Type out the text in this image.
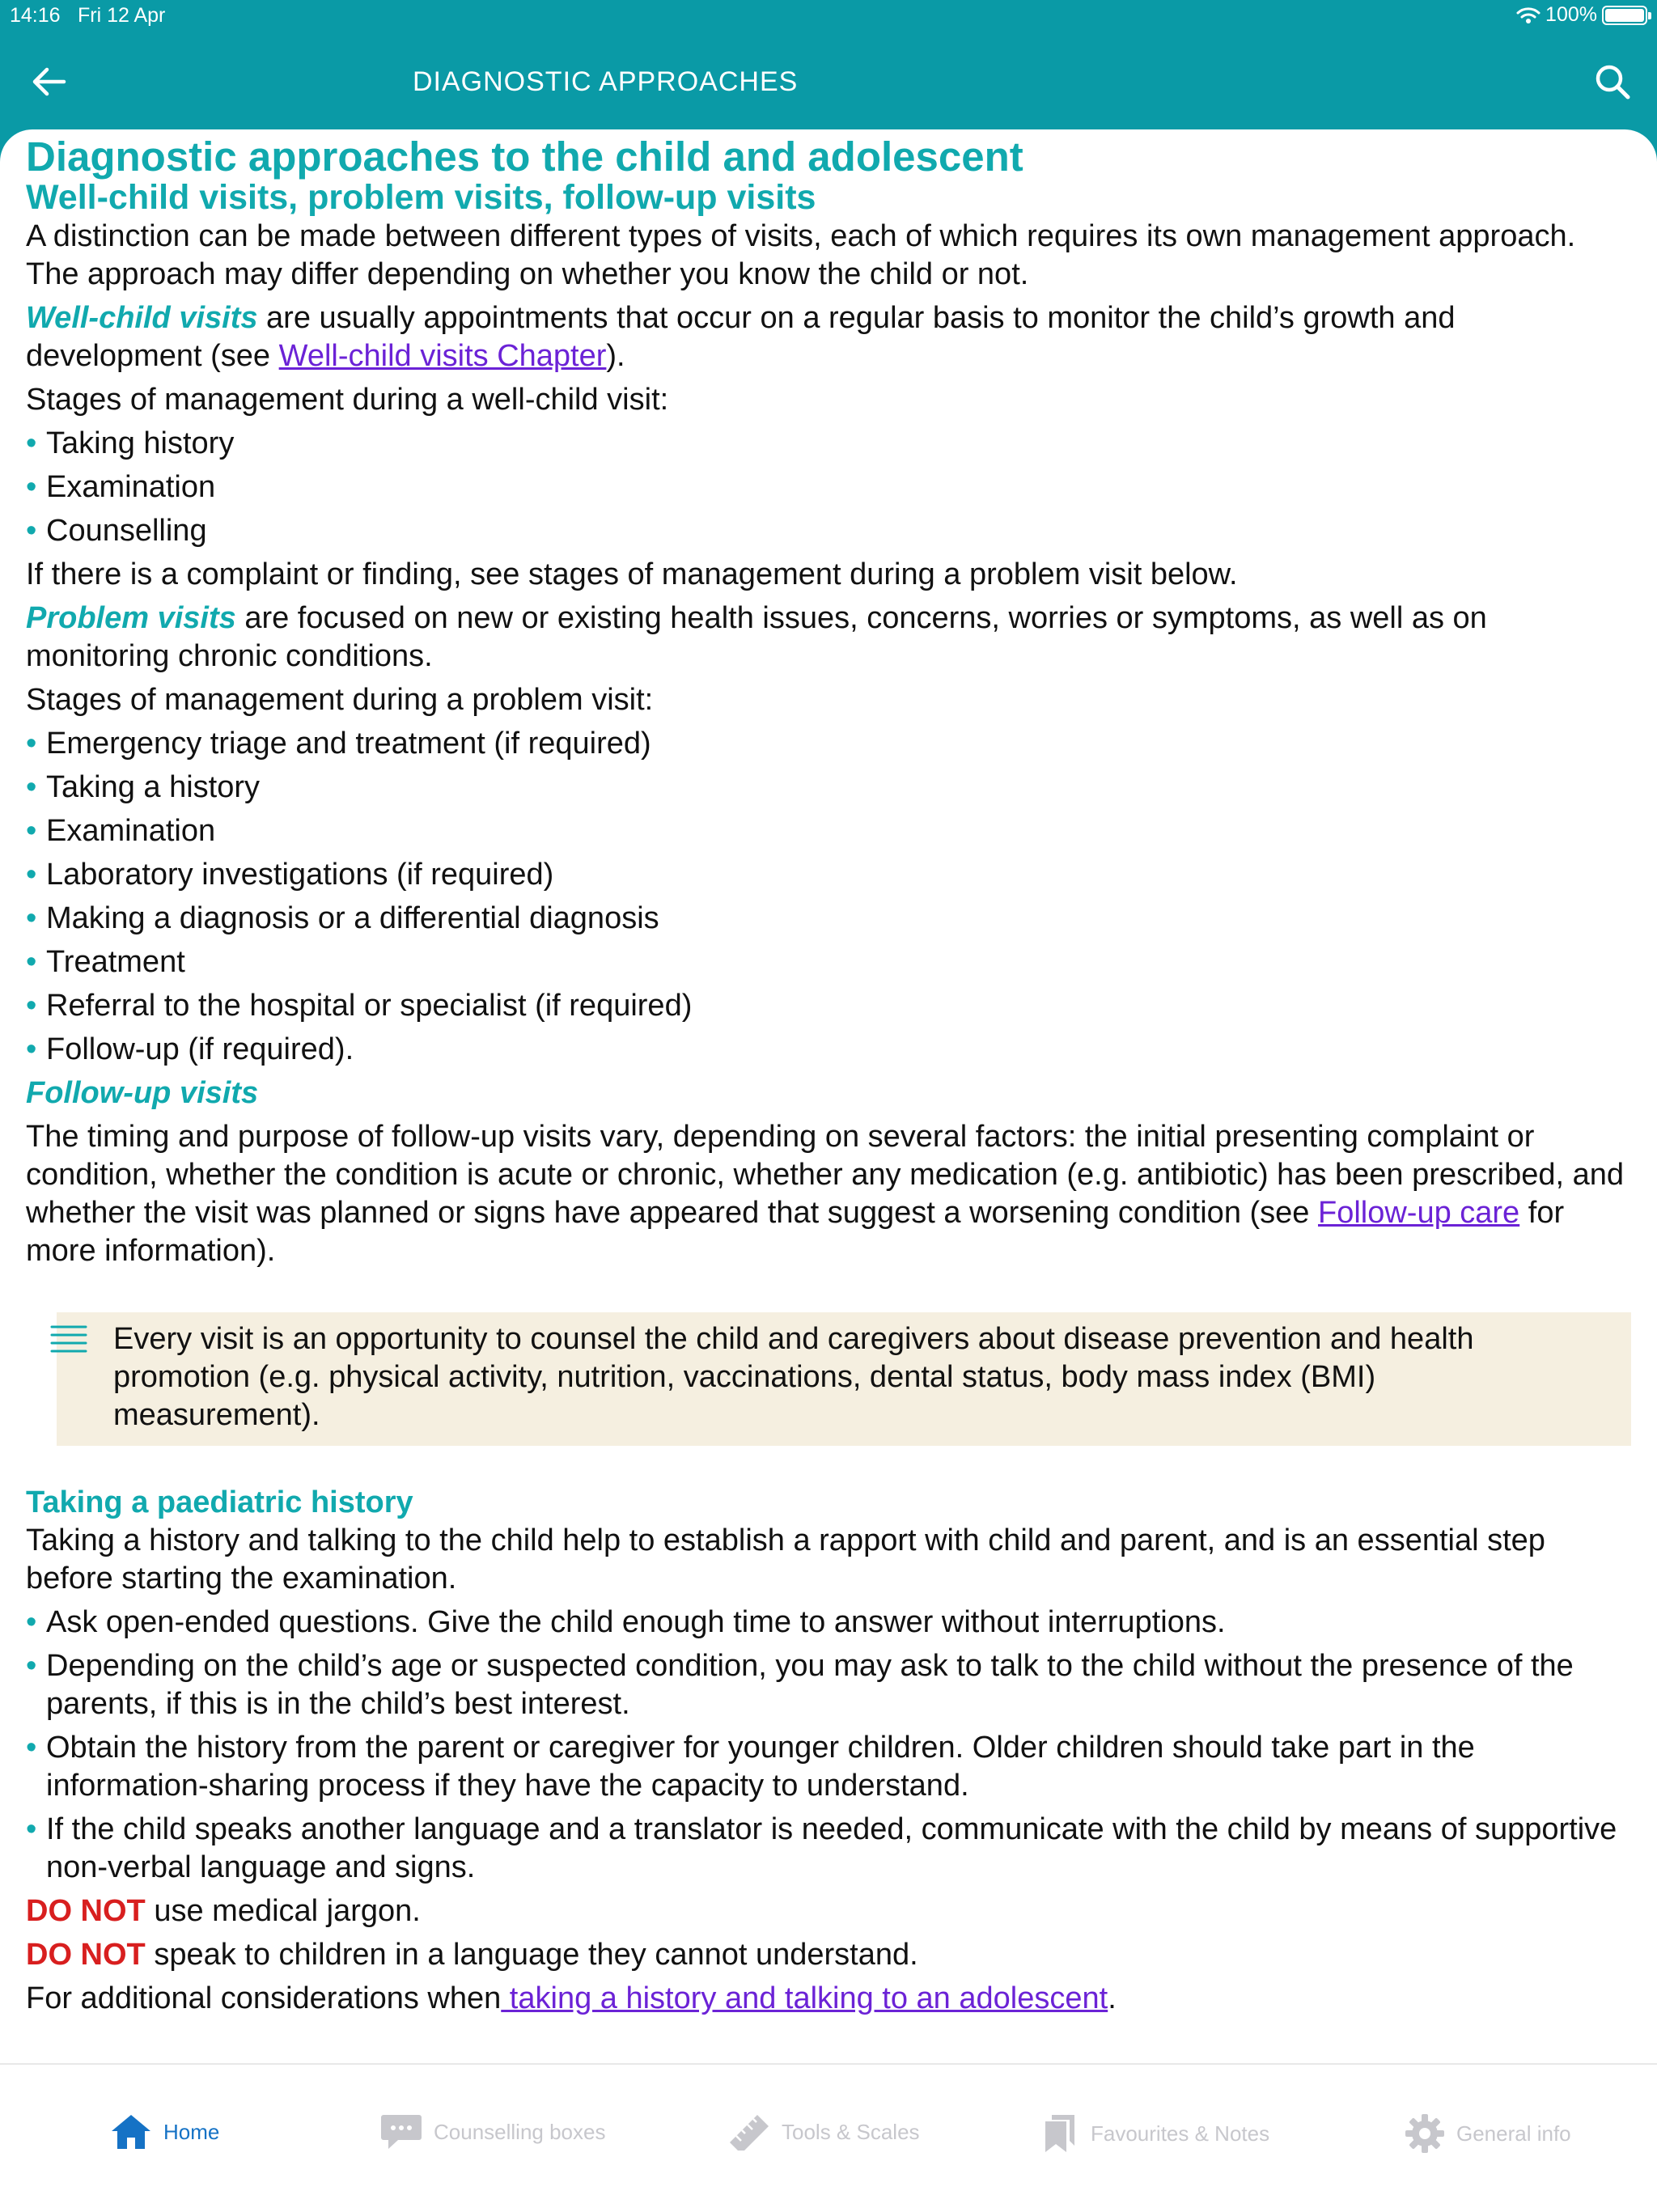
14:16 Fri 12 Apr	100%
DIAGNOSTIC APPROACHES
Diagnostic approaches to the child and adolescent
Well-child visits, problem visits, follow-up visits

A distinction can be made between different types of visits, each of which requires its own management approach. The approach may differ depending on whether you know the child or not.

Well-child visits are usually appointments that occur on a regular basis to monitor the child’s growth and development (see Well-child visits Chapter).

Stages of management during a well-child visit:

• Taking history
• Examination
• Counselling

If there is a complaint or finding, see stages of management during a problem visit below.

Problem visits are focused on new or existing health issues, concerns, worries or symptoms, as well as on monitoring chronic conditions.

Stages of management during a problem visit:

• Emergency triage and treatment (if required)
• Taking a history
• Examination
• Laboratory investigations (if required)
• Making a diagnosis or a differential diagnosis
• Treatment
• Referral to the hospital or specialist (if required)
• Follow-up (if required).

Follow-up visits

The timing and purpose of follow-up visits vary, depending on several factors: the initial presenting complaint or condition, whether the condition is acute or chronic, whether any medication (e.g. antibiotic) has been prescribed, and whether the visit was planned or signs have appeared that suggest a worsening condition (see Follow-up care for more information).

Every visit is an opportunity to counsel the child and caregivers about disease prevention and health promotion (e.g. physical activity, nutrition, vaccinations, dental status, body mass index (BMI) measurement).
Taking a paediatric history

Taking a history and talking to the child help to establish a rapport with child and parent, and is an essential step before starting the examination.

• Ask open-ended questions. Give the child enough time to answer without interruptions.
• Depending on the child’s age or suspected condition, you may ask to talk to the child without the presence of the parents, if this is in the child’s best interest.
• Obtain the history from the parent or caregiver for younger children. Older children should take part in the information-sharing process if they have the capacity to understand.
• If the child speaks another language and a translator is needed, communicate with the child by means of supportive non-verbal language and signs.

DO NOT use medical jargon.

DO NOT speak to children in a language they cannot understand.

For additional considerations when taking a history and talking to an adolescent.

Home	Counselling boxes	Tools & Scales	Favourites & Notes	General info
